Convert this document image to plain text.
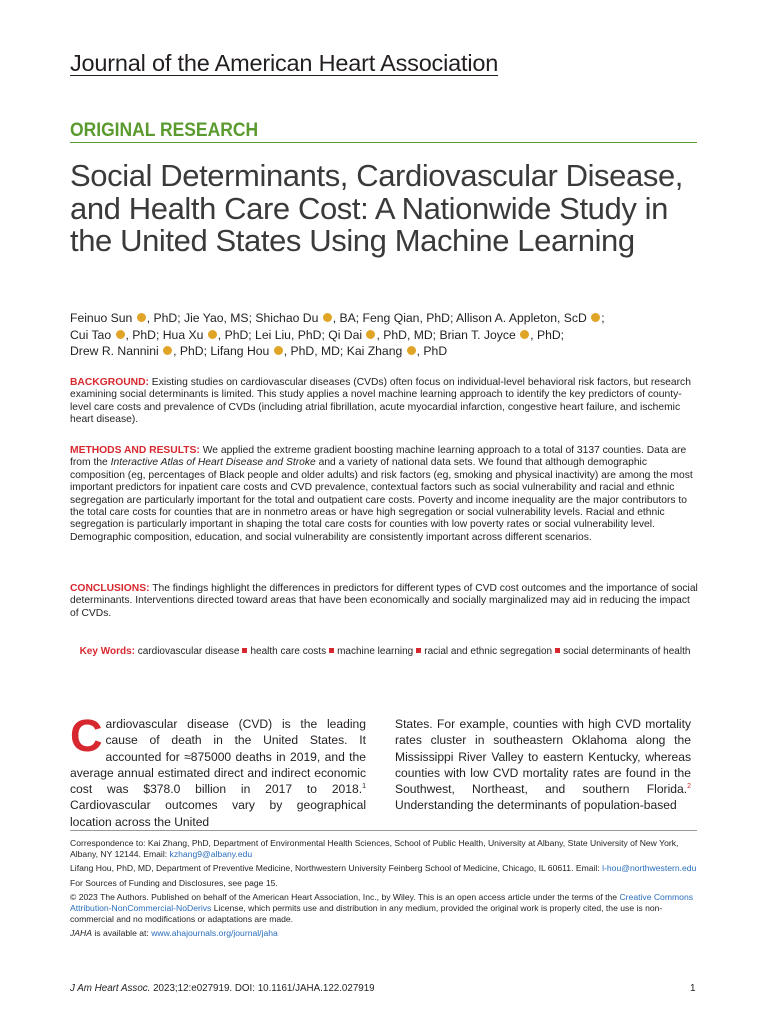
Journal of the American Heart Association
ORIGINAL RESEARCH
Social Determinants, Cardiovascular Disease, and Health Care Cost: A Nationwide Study in the United States Using Machine Learning
Feinuo Sun , PhD; Jie Yao, MS; Shichao Du , BA; Feng Qian, PhD; Allison A. Appleton, ScD ;
Cui Tao , PhD; Hua Xu , PhD; Lei Liu, PhD; Qi Dai , PhD, MD; Brian T. Joyce , PhD;
Drew R. Nannini , PhD; Lifang Hou , PhD, MD; Kai Zhang , PhD
BACKGROUND: Existing studies on cardiovascular diseases (CVDs) often focus on individual-level behavioral risk factors, but research examining social determinants is limited. This study applies a novel machine learning approach to identify the key predictors of county-level care costs and prevalence of CVDs (including atrial fibrillation, acute myocardial infarction, congestive heart failure, and ischemic heart disease).
METHODS AND RESULTS: We applied the extreme gradient boosting machine learning approach to a total of 3137 counties. Data are from the Interactive Atlas of Heart Disease and Stroke and a variety of national data sets. We found that although demographic composition (eg, percentages of Black people and older adults) and risk factors (eg, smoking and physical inactivity) are among the most important predictors for inpatient care costs and CVD prevalence, contextual factors such as social vulnerability and racial and ethnic segregation are particularly important for the total and outpatient care costs. Poverty and income inequality are the major contributors to the total care costs for counties that are in nonmetro areas or have high segregation or social vulnerability levels. Racial and ethnic segregation is particularly important in shaping the total care costs for counties with low poverty rates or social vulnerability level. Demographic composition, education, and social vulnerability are consistently important across different scenarios.
CONCLUSIONS: The findings highlight the differences in predictors for different types of CVD cost outcomes and the importance of social determinants. Interventions directed toward areas that have been economically and socially marginalized may aid in reducing the impact of CVDs.
Key Words: cardiovascular disease health care costs machine learning racial and ethnic segregation social determinants of health
Cardiovascular disease (CVD) is the leading cause of death in the United States. It accounted for ≈875000 deaths in 2019, and the average annual estimated direct and indirect economic cost was $378.0 billion in 2017 to 2018.$^1$ Cardiovascular outcomes vary by geographical location across the United
States. For example, counties with high CVD mortality rates cluster in southeastern Oklahoma along the Mississippi River Valley to eastern Kentucky, whereas counties with low CVD mortality rates are found in the Southwest, Northeast, and southern Florida.$^2$ Understanding the determinants of population-based

Correspondence to: Kai Zhang, PhD, Department of Environmental Health Sciences, School of Public Health, University at Albany, State University of New York, Albany, NY 12144. Email: kzhang9@albany.edu

Lifang Hou, PhD, MD, Department of Preventive Medicine, Northwestern University Feinberg School of Medicine, Chicago, IL 60611. Email: l-hou@northwestern.edu

For Sources of Funding and Disclosures, see page 15.

© 2023 The Authors. Published on behalf of the American Heart Association, Inc., by Wiley. This is an open access article under the terms of the Creative Commons Attribution-NonCommercial-NoDerivs License, which permits use and distribution in any medium, provided the original work is properly cited, the use is non-commercial and no modifications or adaptations are made.

JAHA is available at: www.ahajournals.org/journal/jaha

J Am Heart Assoc. 2023;12:e027919. DOI: 10.1161/JAHA.122.027919	1
